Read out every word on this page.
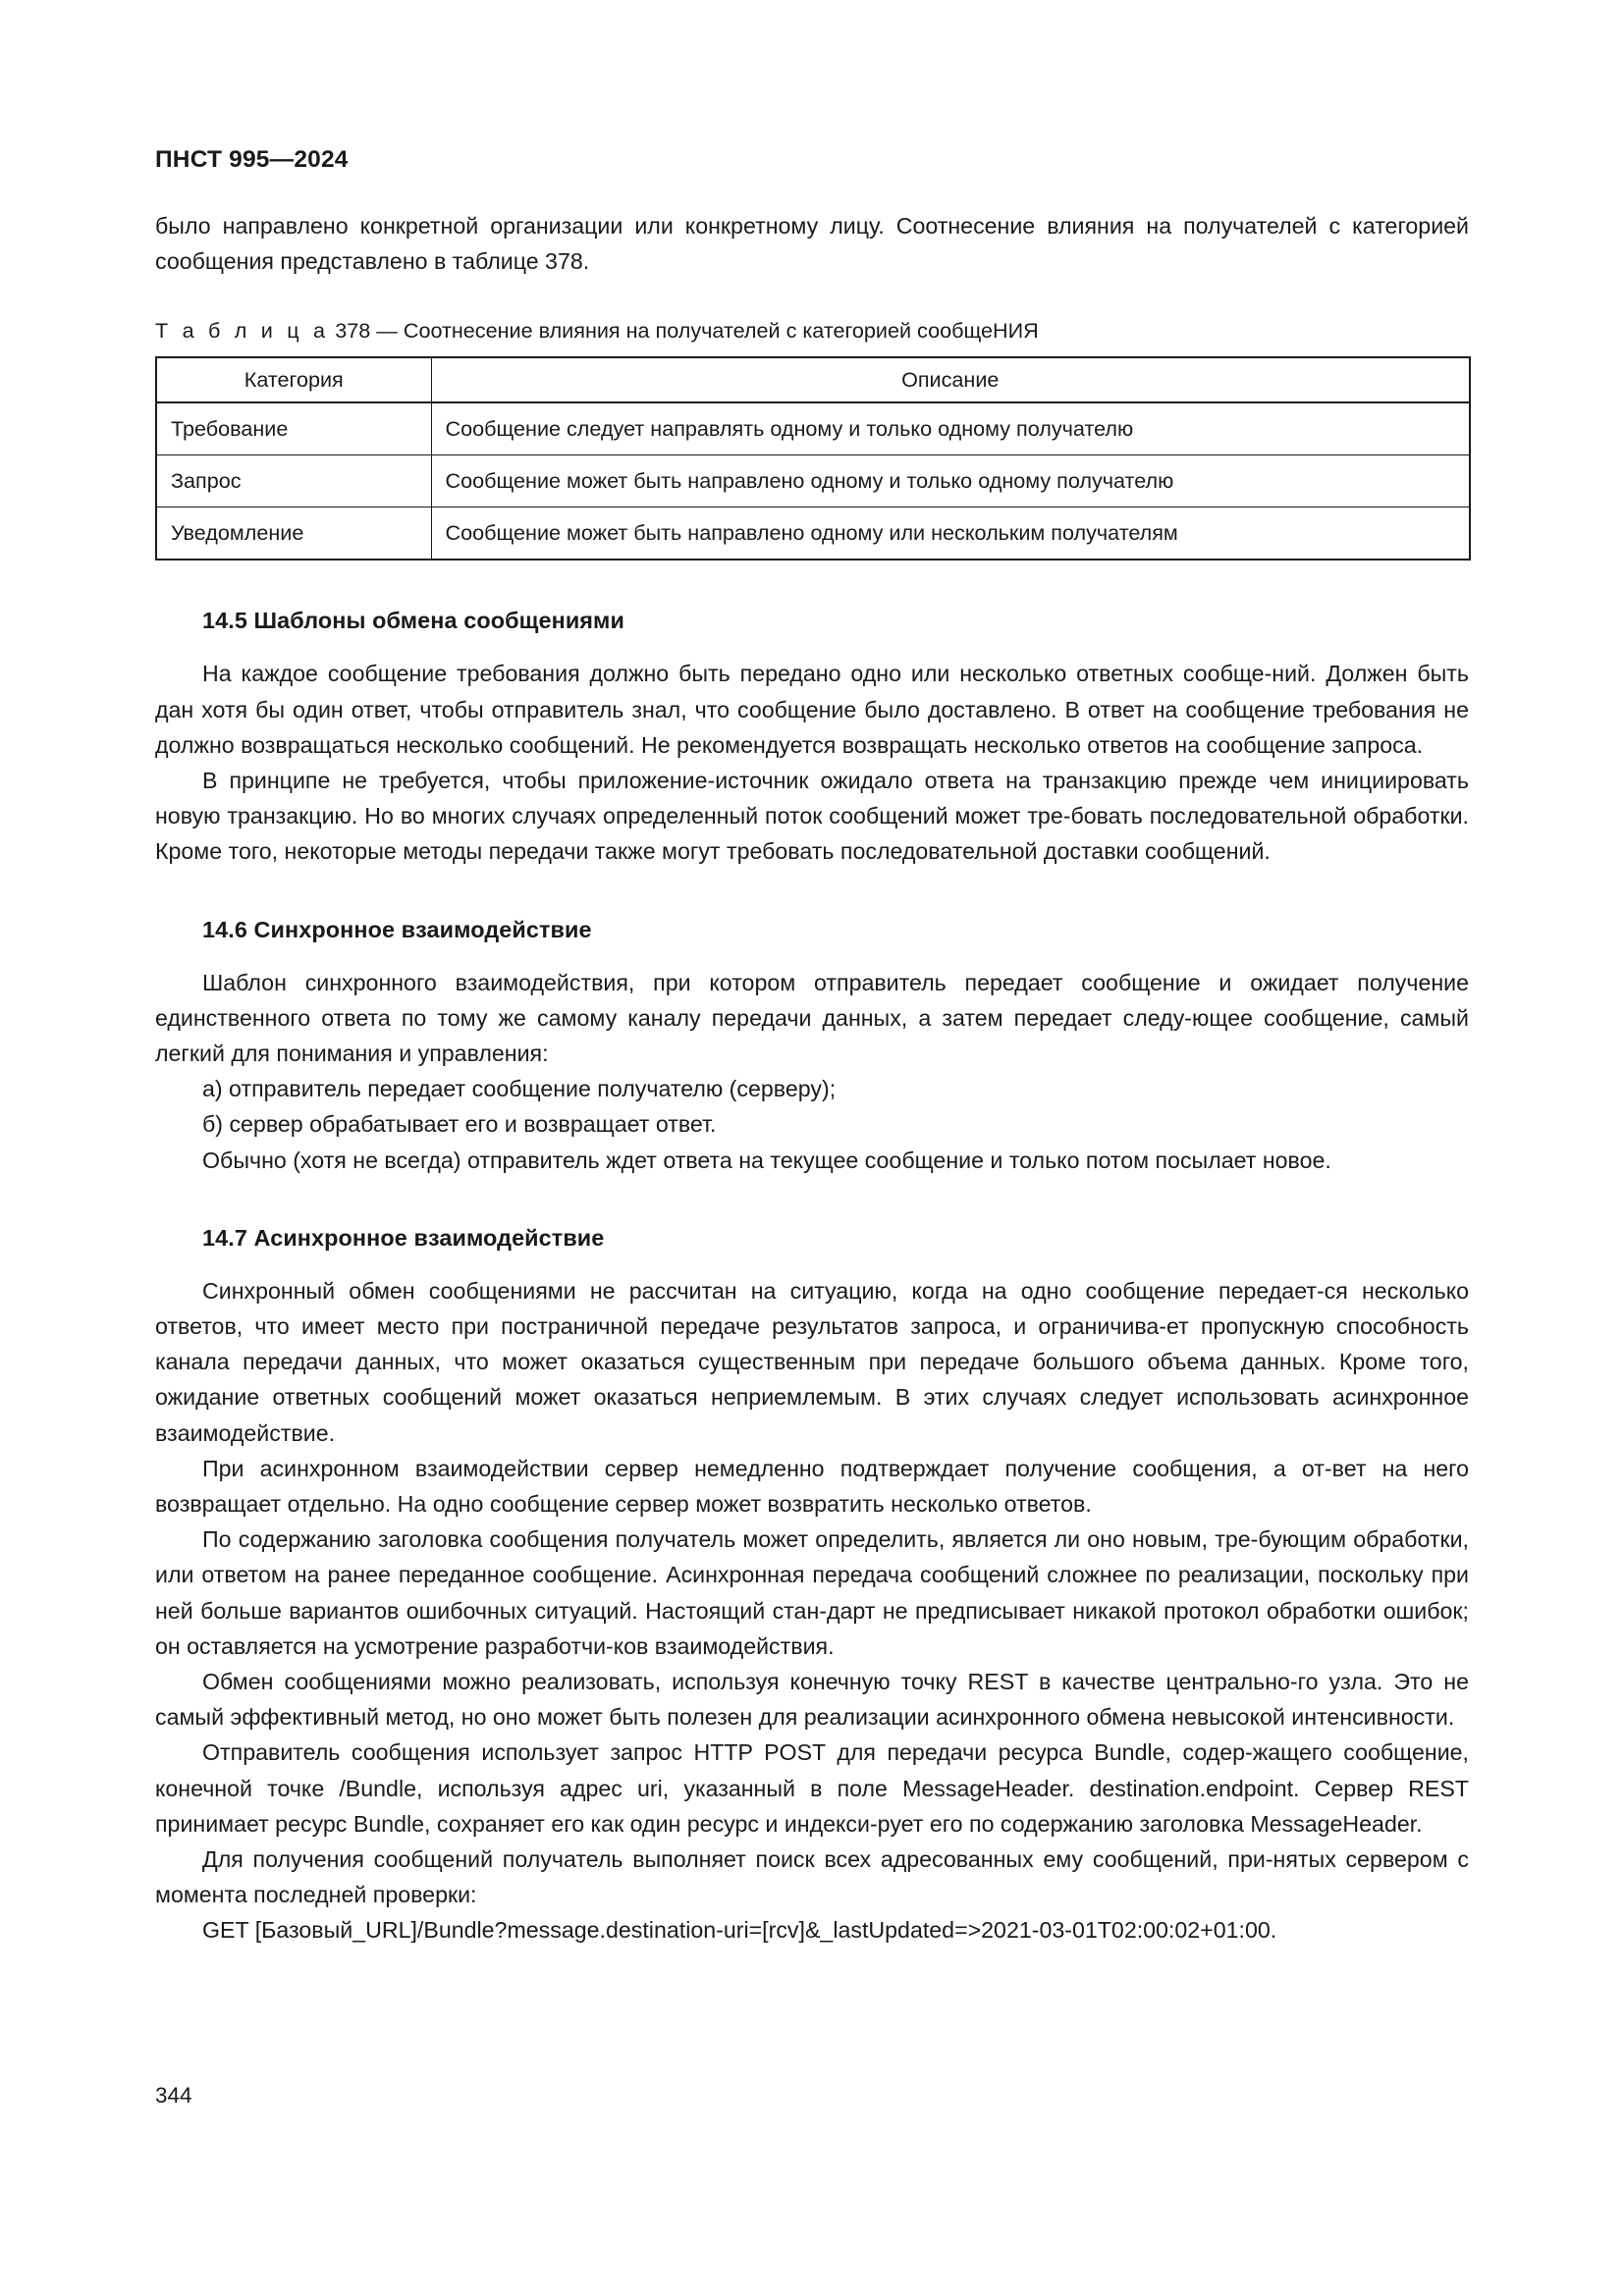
ПНСТ 995—2024

было направлено конкретной организации или конкретному лицу. Соотнесение влияния на получателей с категорией сообщения представлено в таблице 378.

Т а б л и ц а 378 — Соотнесение влияния на получателей с категорией сообщеНИЯ
Категория	Описание
Требование	Сообщение следует направлять одному и только одному получателю
Запрос	Сообщение может быть направлено одному и только одному получателю
Уведомление	Сообщение может быть направлено одному или нескольким получателям
14.5 Шаблоны обмена сообщениями

На каждое сообщение требования должно быть передано одно или несколько ответных сообще-ний. Должен быть дан хотя бы один ответ, чтобы отправитель знал, что сообщение было доставлено. В ответ на сообщение требования не должно возвращаться несколько сообщений. Не рекомендуется возвращать несколько ответов на сообщение запроса.

В принципе не требуется, чтобы приложение-источник ожидало ответа на транзакцию прежде чем инициировать новую транзакцию. Но во многих случаях определенный поток сообщений может тре-бовать последовательной обработки. Кроме того, некоторые методы передачи также могут требовать последовательной доставки сообщений.

14.6 Синхронное взаимодействие

Шаблон синхронного взаимодействия, при котором отправитель передает сообщение и ожидает получение единственного ответа по тому же самому каналу передачи данных, а затем передает следу-ющее сообщение, самый легкий для понимания и управления:

а) отправитель передает сообщение получателю (серверу);

б) сервер обрабатывает его и возвращает ответ.

Обычно (хотя не всегда) отправитель ждет ответа на текущее сообщение и только потом посылает новое.

14.7 Асинхронное взаимодействие

Синхронный обмен сообщениями не рассчитан на ситуацию, когда на одно сообщение передает-ся несколько ответов, что имеет место при постраничной передаче результатов запроса, и ограничива-ет пропускную способность канала передачи данных, что может оказаться существенным при передаче большого объема данных. Кроме того, ожидание ответных сообщений может оказаться неприемлемым. В этих случаях следует использовать асинхронное взаимодействие.

При асинхронном взаимодействии сервер немедленно подтверждает получение сообщения, а от-вет на него возвращает отдельно. На одно сообщение сервер может возвратить несколько ответов.

По содержанию заголовка сообщения получатель может определить, является ли оно новым, тре-бующим обработки, или ответом на ранее переданное сообщение. Асинхронная передача сообщений сложнее по реализации, поскольку при ней больше вариантов ошибочных ситуаций. Настоящий стан-дарт не предписывает никакой протокол обработки ошибок; он оставляется на усмотрение разработчи-ков взаимодействия.

Обмен сообщениями можно реализовать, используя конечную точку REST в качестве центрально-го узла. Это не самый эффективный метод, но оно может быть полезен для реализации асинхронного обмена невысокой интенсивности.

Отправитель сообщения использует запрос HTTP POST для передачи ресурса Bundle, содер-жащего сообщение, конечной точке /Bundle, используя адрес uri, указанный в поле MessageHeader. destination.endpoint. Сервер REST принимает ресурс Bundle, сохраняет его как один ресурс и индекси-рует его по содержанию заголовка MessageHeader.

Для получения сообщений получатель выполняет поиск всех адресованных ему сообщений, при-нятых сервером с момента последней проверки:

GET [Базовый_URL]/Bundle?message.destination-uri=[rcv]&_lastUpdated=>2021-03-01T02:00:02+01:00.

344
